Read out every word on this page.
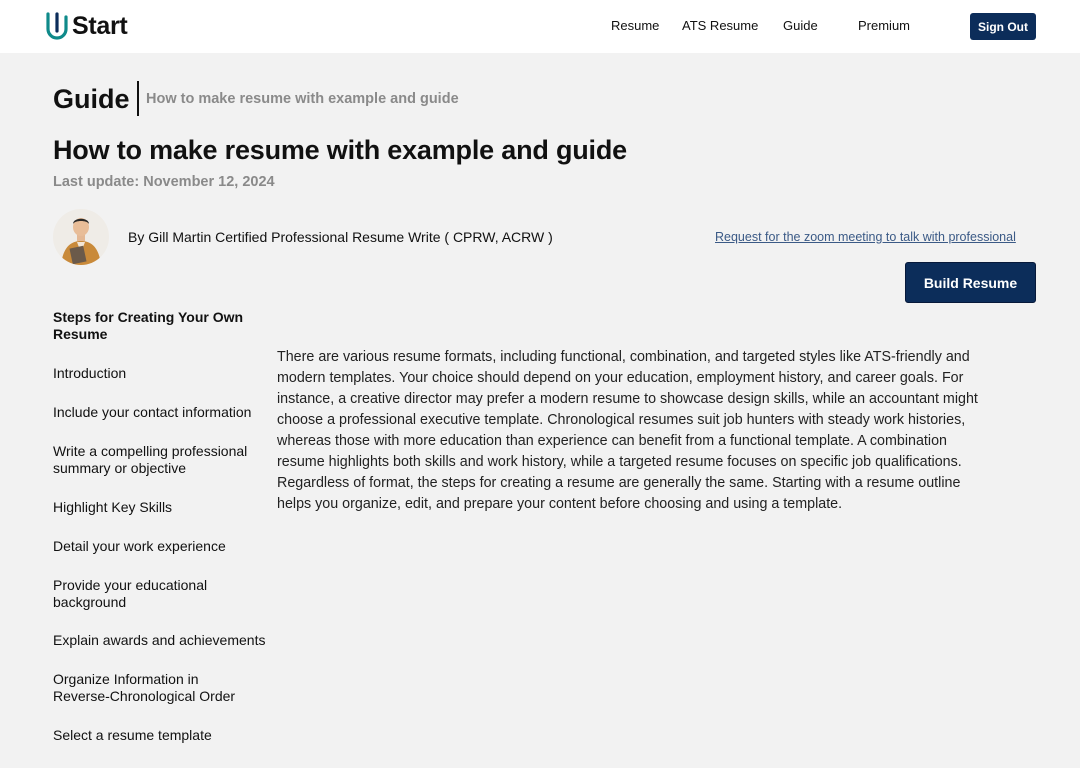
Start	Resume ATS Resume Guide	Premium	Sign Out
Guide How to make resume with example and guide
How to make resume with example and guide
Last update: November 12, 2024
By Gill Martin Certified Professional Resume Write ( CPRW, ACRW )	Request for the zoom meeting to talk with professional
Build Resume
Steps for Creating Your Own Resume
Introduction
Include your contact information
Write a compelling professional summary or objective
Highlight Key Skills
Detail your work experience
Provide your educational background
Explain awards and achievements
Organize Information in Reverse-Chronological Order
Select a resume template

There are various resume formats, including functional, combination, and targeted styles like ATS-friendly and modern templates. Your choice should depend on your education, employment history, and career goals. For instance, a creative director may prefer a modern resume to showcase design skills, while an accountant might choose a professional executive template. Chronological resumes suit job hunters with steady work histories, whereas those with more education than experience can benefit from a functional template. A combination resume highlights both skills and work history, while a targeted resume focuses on specific job qualifications. Regardless of format, the steps for creating a resume are generally the same. Starting with a resume outline helps you organize, edit, and prepare your content before choosing and using a template.
